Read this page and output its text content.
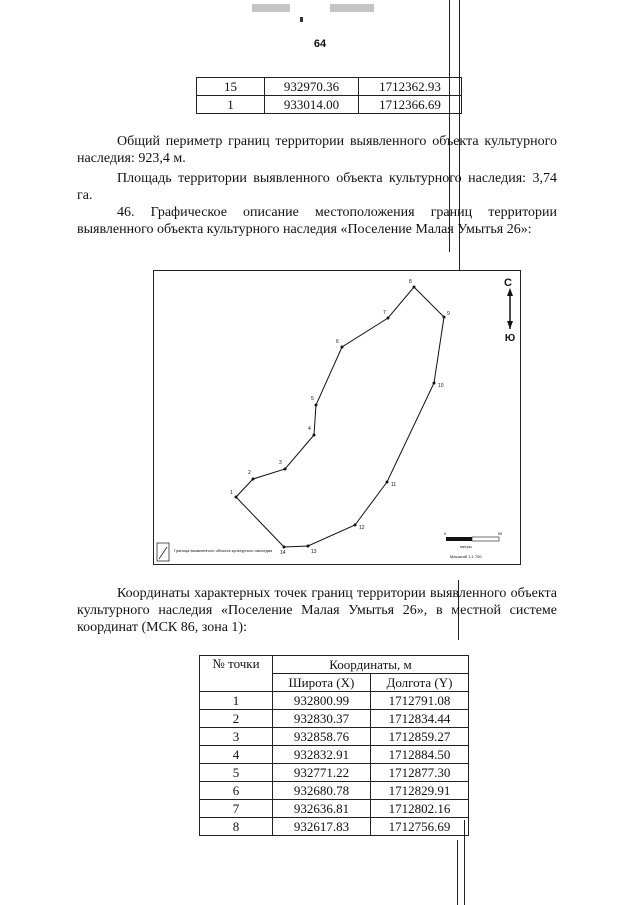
64
15	932970.36	1712362.93
1	933014.00	1712366.69
Общий периметр границ территории выявленного объекта культурного наследия: 923,4 м.
Площадь территории выявленного объекта культурного наследия: 3,74 га.
46. Графическое описание местоположения границ территории выявленного объекта культурного наследия «Поселение Малая Умытья 26»:
1
2
3
4
5
6
7
8
9
10
11
12
13
14
С
Ю
0	50
метры
Масштаб 1:1 700
Граница выявленного объекта культурного наследия
Координаты характерных точек границ территории выявленного объекта культурного наследия «Поселение Малая Умытья 26», в местной системе координат (МСК 86, зона 1):
№ точки	Координаты, м	
	Широта (X)	Долгота (Y)
1	932800.99	1712791.08
2	932830.37	1712834.44
3	932858.76	1712859.27
4	932832.91	1712884.50
5	932771.22	1712877.30
6	932680.78	1712829.91
7	932636.81	1712802.16
8	932617.83	1712756.69
